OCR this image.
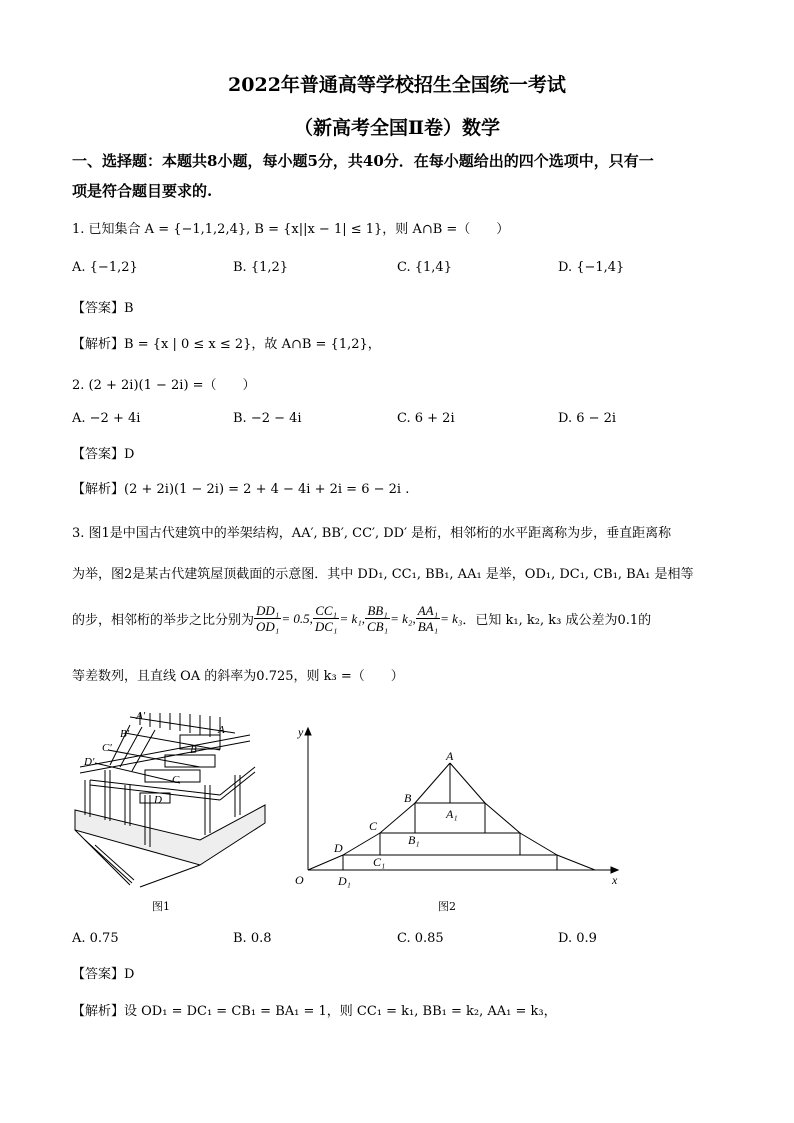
2022年普通高等学校招生全国统一考试
（新高考全国Ⅱ卷）数学
一、选择题：本题共8小题，每小题5分，共40分．在每小题给出的四个选项中，只有一
项是符合题目要求的.
1. 已知集合 A = {−1,1,2,4}, B = {x||x − 1| ≤ 1}，则 A∩B =（　　）
A. {−1,2}	B. {1,2}	C. {1,4}	D. {−1,4}
【答案】B
【解析】B = {x | 0 ≤ x ≤ 2}，故 A∩B = {1,2}，
2. (2 + 2i)(1 − 2i) =（　　）
A. −2 + 4i	B. −2 − 4i	C. 6 + 2i	D. 6 − 2i
【答案】D
【解析】(2 + 2i)(1 − 2i) = 2 + 4 − 4i + 2i = 6 − 2i .
3. 图1是中国古代建筑中的举架结构，AA′, BB′, CC′, DD′ 是桁，相邻桁的水平距离称为步，垂直距离称
为举，图2是某古代建筑屋顶截面的示意图．其中 DD₁, CC₁, BB₁, AA₁ 是举，OD₁, DC₁, CB₁, BA₁ 是相等
的步，相邻桁的举步之比分别为 $\frac{\text{DD₁}}{\text{OD₁}} = 0.5$, $\frac{\text{CC₁}}{\text{DC₁}} = k_1$, $\frac{\text{BB₁}}{\text{CB₁}} = k_2$, $\frac{\text{AA₁}}{\text{BA₁}} = k_3$ ．已知 k₁, k₂, k₃ 成公差为0.1的
等差数列，且直线 OA 的斜率为0.725，则 k₃ =（　　）
A′
B′
C′
D′
A
B
C
D
图1
y
x
O
A
A₁
B
B₁
C
C₁
D
D₁
图2
A. 0.75	B. 0.8	C. 0.85	D. 0.9
【答案】D
【解析】设 OD₁ = DC₁ = CB₁ = BA₁ = 1，则 CC₁ = k₁, BB₁ = k₂, AA₁ = k₃，
